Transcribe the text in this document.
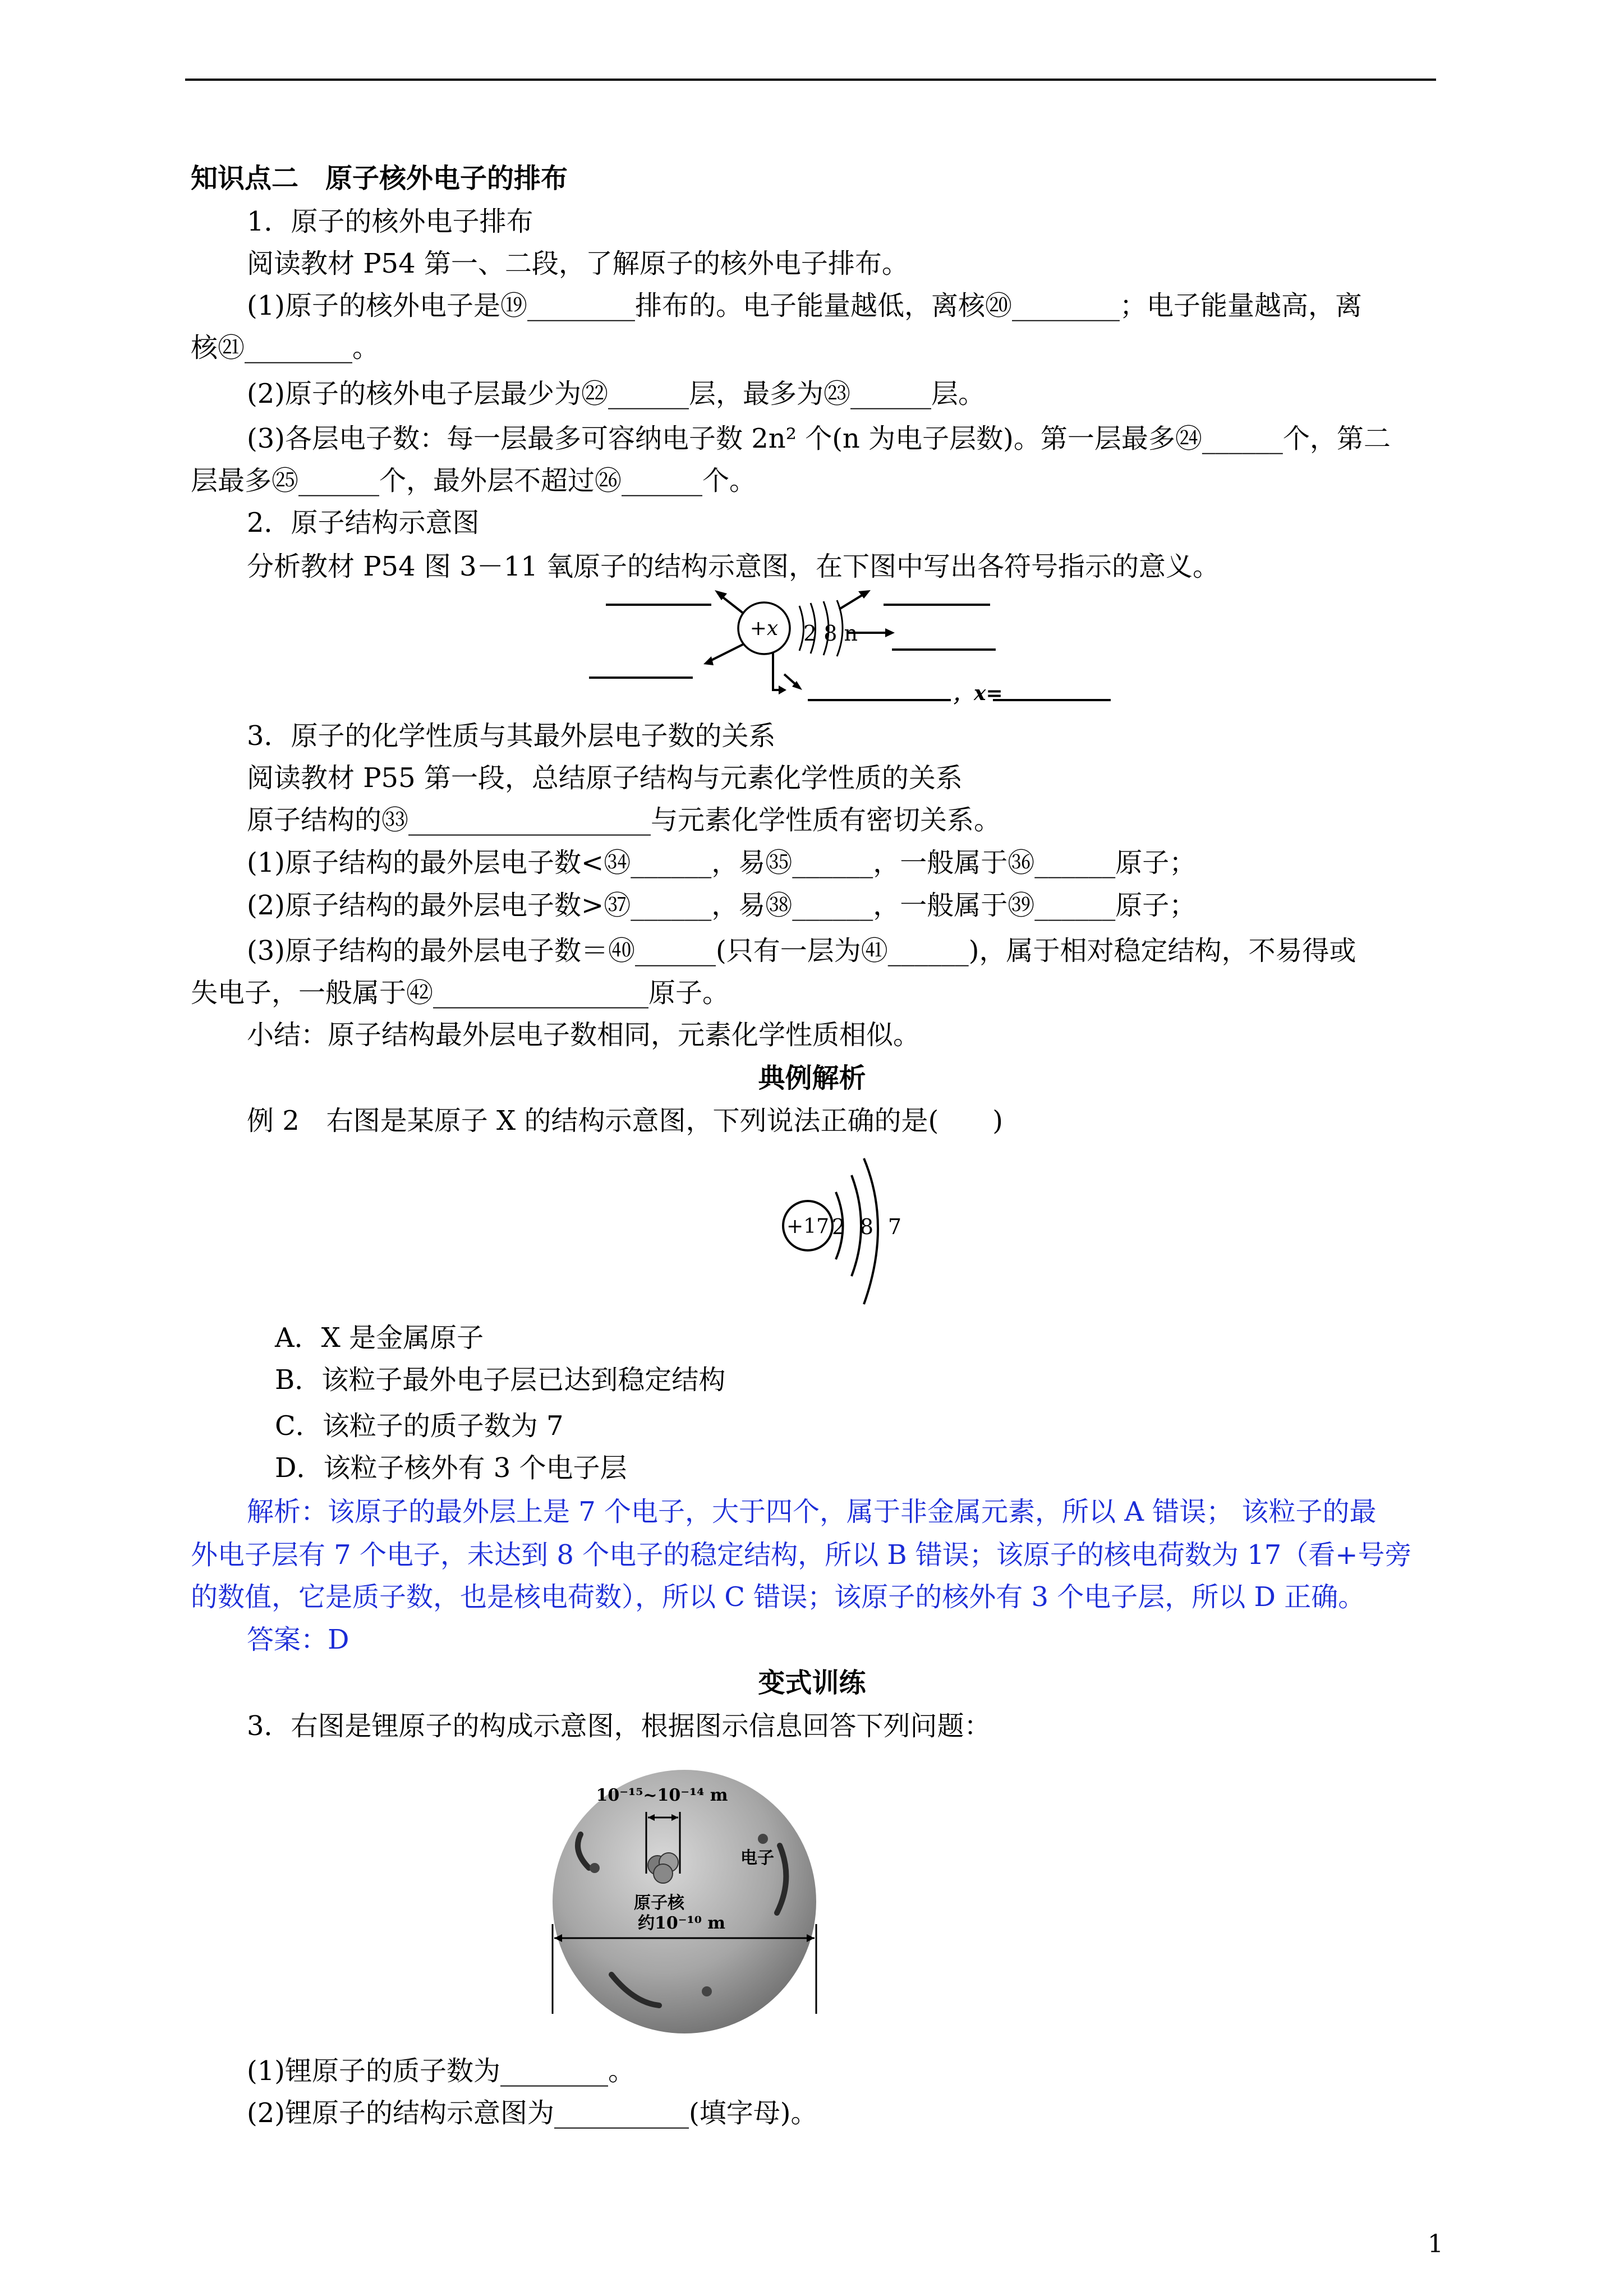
知识点二　原子核外电子的排布
1．原子的核外电子排布
阅读教材 P54 第一、二段，了解原子的核外电子排布。
(1)原子的核外电子是⑲________排布的。电子能量越低，离核⑳________；电子能量越高，离
核㉑________。
(2)原子的核外电子层最少为㉒______层，最多为㉓______层。
(3)各层电子数：每一层最多可容纳电子数 2n² 个(n 为电子层数)。第一层最多㉔______个，第二
层最多㉕______个，最外层不超过㉖______个。
2．原子结构示意图
分析教材 P54 图 3－11 氧原子的结构示意图，在下图中写出各符号指示的意义。
+x 2 8 n
，x=
3．原子的化学性质与其最外层电子数的关系
阅读教材 P55 第一段，总结原子结构与元素化学性质的关系
原子结构的㉝__________________与元素化学性质有密切关系。
(1)原子结构的最外层电子数<㉞______，易㉟______，一般属于㊱______原子；
(2)原子结构的最外层电子数>㊲______，易㊳______，一般属于㊴______原子；
(3)原子结构的最外层电子数＝㊵______(只有一层为㊶______)，属于相对稳定结构，不易得或
失电子，一般属于㊷________________原子。
小结：原子结构最外层电子数相同，元素化学性质相似。
典例解析
例 2　右图是某原子 X 的结构示意图，下列说法正确的是(　　)
+17 2 8 7
A．X 是金属原子
B．该粒子最外电子层已达到稳定结构
C．该粒子的质子数为 7
D．该粒子核外有 3 个电子层
解析：该原子的最外层上是 7 个电子，大于四个，属于非金属元素，所以 A 错误； 该粒子的最
外电子层有 7 个电子，未达到 8 个电子的稳定结构，所以 B 错误；该原子的核电荷数为 17（看+号旁
的数值，它是质子数，也是核电荷数），所以 C 错误；该原子的核外有 3 个电子层，所以 D 正确。
答案：D
变式训练
3．右图是锂原子的构成示意图，根据图示信息回答下列问题：
10⁻¹⁵~10⁻¹⁴ m
电子
原子核
约10⁻¹⁰ m
(1)锂原子的质子数为________。
(2)锂原子的结构示意图为__________(填字母)。
1
